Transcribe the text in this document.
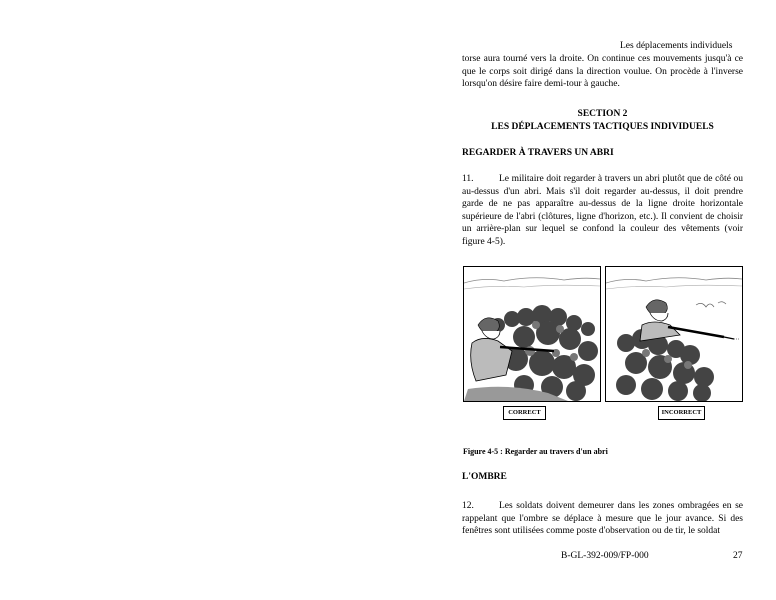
Les déplacements individuels

torse aura tourné vers la droite. On continue ces mouvements jusqu'à ce que le corps soit dirigé dans la direction voulue. On procède à l'inverse lorsqu'on désire faire demi-tour à gauche.

SECTION 2
LES DÉPLACEMENTS TACTIQUES INDIVIDUELS
REGARDER À TRAVERS UN ABRI

11.	Le militaire doit regarder à travers un abri plutôt que de côté ou au-dessus d'un abri. Mais s'il doit regarder au-dessus, il doit prendre garde de ne pas apparaître au-dessus de la ligne droite horizontale supérieure de l'abri (clôtures, ligne d'horizon, etc.). Il convient de choisir un arrière-plan sur lequel se confond la couleur des vêtements (voir figure 4-5).

CORRECT	INCORRECT
Figure 4-5 : Regarder au travers d'un abri
L'OMBRE

12.	Les soldats doivent demeurer dans les zones ombragées en se rappelant que l'ombre se déplace à mesure que le jour avance. Si des fenêtres sont utilisées comme poste d'observation ou de tir, le soldat

B-GL-392-009/FP-000	27
